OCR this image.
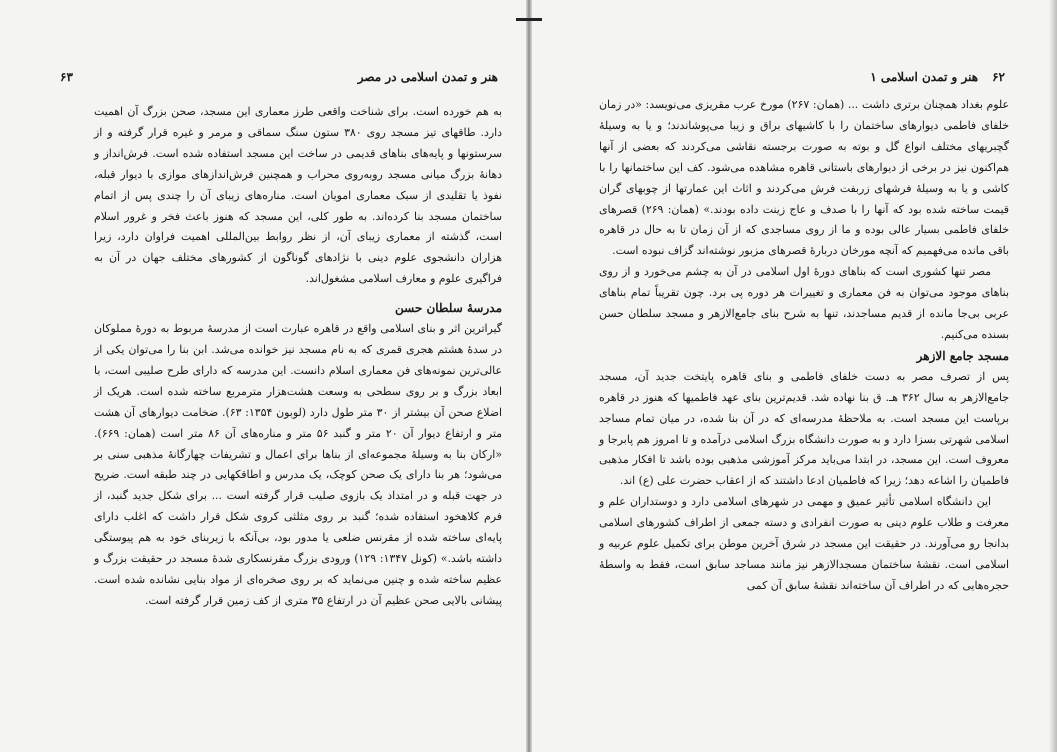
هنر و تمدن اسلامی در مصر
۶۳

به هم خورده است. برای شناخت واقعی طرز معماری این مسجد، صحن بزرگ آن اهمیت دارد. طاقهای تیز مسجد روی ۳۸۰ ستون سنگ سماقی و مرمر و غیره قرار گرفته و از سرستونها و پایه‌های بناهای قدیمی در ساخت این مسجد استفاده شده است. فرش‌انداز و دهانهٔ بزرگ میانی مسجد روبه‌روی محراب و همچنین فرش‌اندازهای موازی با دیوار قبله، نفوذ یا تقلیدی از سبک معماری امویان است. مناره‌های زیبای آن را چندی پس از اتمام ساختمان مسجد بنا کرده‌اند. به طور کلی، این مسجد که هنوز باعث فخر و غرور اسلام است، گذشته از معماری زیبای آن، از نظر روابط بین‌المللی اهمیت فراوان دارد، زیرا هزاران دانشجوی علوم دینی با نژادهای گوناگون از کشورهای مختلف جهان در آن به فراگیری علوم و معارف اسلامی مشغول‌اند.

مدرسهٔ سلطان حسن

گیراترین اثر و بنای اسلامی واقع در قاهره عبارت است از مدرسهٔ مربوط به دورهٔ مملوکان در سدهٔ هشتم هجری قمری که به نام مسجد نیز خوانده می‌شد. ابن بنا را می‌توان یکی از عالی‌ترین نمونه‌های فن معماری اسلام دانست. این مدرسه که دارای طرح صلیبی است، با ابعاد بزرگ و بر روی سطحی به وسعت هشت‌هزار مترمربع ساخته شده است. هریک از اضلاع صحن آن بیشتر از ۳۰ متر طول دارد (لوبون ۱۳۵۴: ۶۳). ضخامت دیوارهای آن هشت متر و ارتفاع دیوار آن ۲۰ متر و گنبد ۵۶ متر و مناره‌های آن ۸۶ متر است (همان: ۶۶۹). «ارکان بنا به وسیلهٔ مجموعه‌ای از بناها برای اعمال و تشریفات چهارگانهٔ مذهبی سنی بر می‌شود؛ هر بنا دارای یک صحن کوچک، یک مدرس و اطاقکهایی در چند طبقه است. ضریح در جهت قبله و در امتداد یک بازوی صلیب قرار گرفته است ... برای شکل جدید گنبد، از فرم کلاهخود استفاده شده؛ گنبد بر روی مثلثی کروی شکل قرار داشت که اغلب دارای پایه‌ای ساخته شده از مقرنس ضلعی یا مدور بود، بی‌آنکه با زیربنای خود به هم پیوستگی داشته باشد.» (کونل ۱۳۴۷: ۱۲۹) ورودی بزرگ مقرنسکاری شدهٔ مسجد در حقیقت بزرگ و عظیم ساخته شده و چنین می‌نماید که بر روی صخره‌ای از مواد بنایی نشانده شده است. پیشانی بالایی صحن عظیم آن در ارتفاع ۳۵ متری از کف زمین قرار گرفته است.

۶۲
هنر و تمدن اسلامی ۱

علوم بغداد همچنان برتری داشت ... (همان: ۲۶۷) مورخ عرب مقریزی می‌نویسد: «در زمان خلفای فاطمی دیوارهای ساختمان را با کاشیهای براق و زیبا می‌پوشاندند؛ و یا به وسیلهٔ گچبریهای مختلف انواع گل و بوته به صورت برجسته نقاشی می‌کردند که بعضی از آنها هم‌اکنون نیز در برخی از دیوارهای باستانی قاهره مشاهده می‌شود. کف این ساختمانها را با کاشی و یا به وسیلهٔ فرشهای زربفت فرش می‌کردند و اثاث این عمارتها از چوبهای گران قیمت ساخته شده بود که آنها را با صدف و عاج زینت داده بودند.» (همان: ۲۶۹) قصرهای خلفای فاطمی بسیار عالی بوده و ما از روی مساجدی که از آن زمان تا به حال در قاهره باقی مانده می‌فهمیم که آنچه مورخان دربارهٔ قصرهای مزبور نوشته‌اند گزاف نبوده است.

مصر تنها کشوری است که بناهای دورهٔ اول اسلامی در آن به چشم می‌خورد و از روی بناهای موجود می‌توان به فن معماری و تغییرات هر دوره پی برد. چون تقریباً تمام بناهای عربی بی‌جا مانده از قدیم مساجدند، تنها به شرح بنای جامع‌الازهر و مسجد سلطان حسن بسنده می‌کنیم.

مسجد جامع الازهر

پس از تصرف مصر به دست خلفای فاطمی و بنای قاهره پایتخت جدید آن، مسجد جامع‌الازهر به سال ۳۶۲ هـ. ق بنا نهاده شد. قدیم‌ترین بنای عهد فاطمیها که هنوز در قاهره برپاست این مسجد است. به ملاحظهٔ مدرسه‌ای که در آن بنا شده، در میان تمام مساجد اسلامی شهرتی بسزا دارد و به صورت دانشگاه بزرگ اسلامی درآمده و تا امروز هم پابرجا و معروف است. این مسجد، در ابتدا می‌باید مرکز آموزشی مذهبی بوده باشد تا افکار مذهبی فاطمیان را اشاعه دهد؛ زیرا که فاطمیان ادعا داشتند که از اعقاب حضرت علی (ع) اند.

این دانشگاه اسلامی تأثیر عمیق و مهمی در شهرهای اسلامی دارد و دوستداران علم و معرفت و طلاب علوم دینی به صورت انفرادی و دسته جمعی از اطراف کشورهای اسلامی بدانجا رو می‌آورند. در حقیقت این مسجد در شرق آخرین موطن برای تکمیل علوم عربیه و اسلامی است. نقشهٔ ساختمان مسجدالازهر نیز مانند مساجد سابق است، فقط به واسطهٔ حجره‌هایی که در اطراف آن ساخته‌اند نقشهٔ سابق آن کمی
